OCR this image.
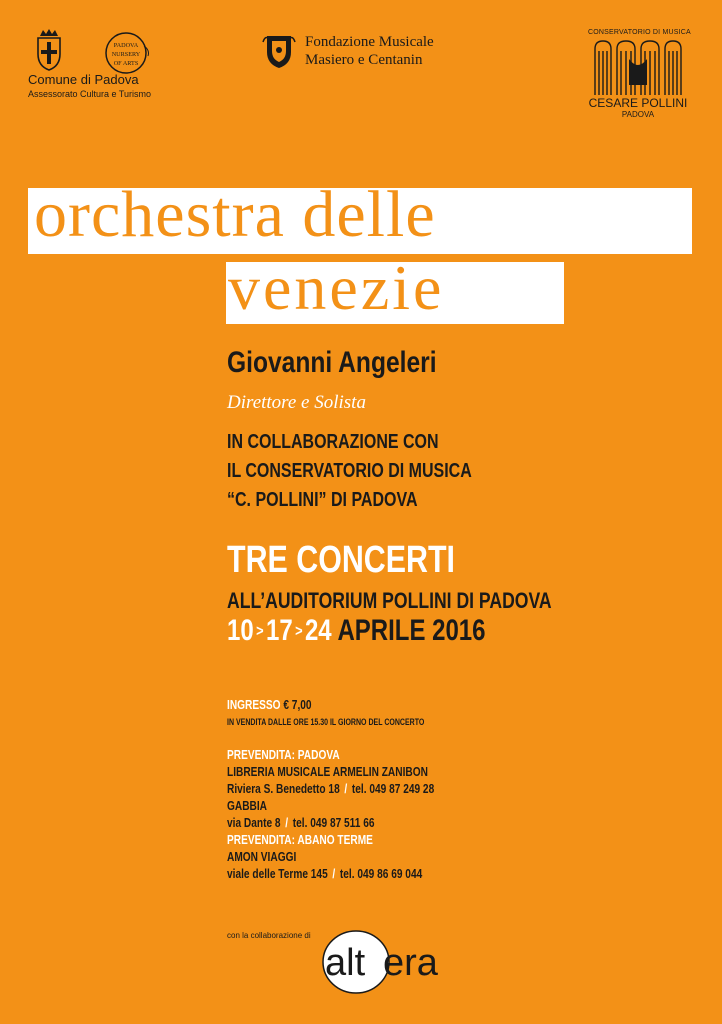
PADOVA
NURSERY
OF ARTS
Comune di Padova
Assessorato Cultura e Turismo
Fondazione Musicale
Masiero e Centanin
CONSERVATORIO DI MUSICA
CESARE POLLINI
PADOVA
orchestra delle
venezie
Giovanni Angeleri
Direttore e Solista
IN COLLABORAZIONE CON
IL CONSERVATORIO DI MUSICA
“C. POLLINI” DI PADOVA
TRE CONCERTI
ALL’AUDITORIUM POLLINI DI PADOVA
10 >17 >24 APRILE 2016
INGRESSO € 7,00
IN VENDITA DALLE ORE 15.30 IL GIORNO DEL CONCERTO
PREVENDITA: PADOVA
LIBRERIA MUSICALE ARMELIN ZANIBON
Riviera S. Benedetto 18 / tel. 049 87 249 28
GABBIA
via Dante 8 / tel. 049 87 511 66
PREVENDITA: ABANO TERME
AMON VIAGGI
viale delle Terme 145 / tel. 049 86 69 044
con la collaborazione di
alt era
